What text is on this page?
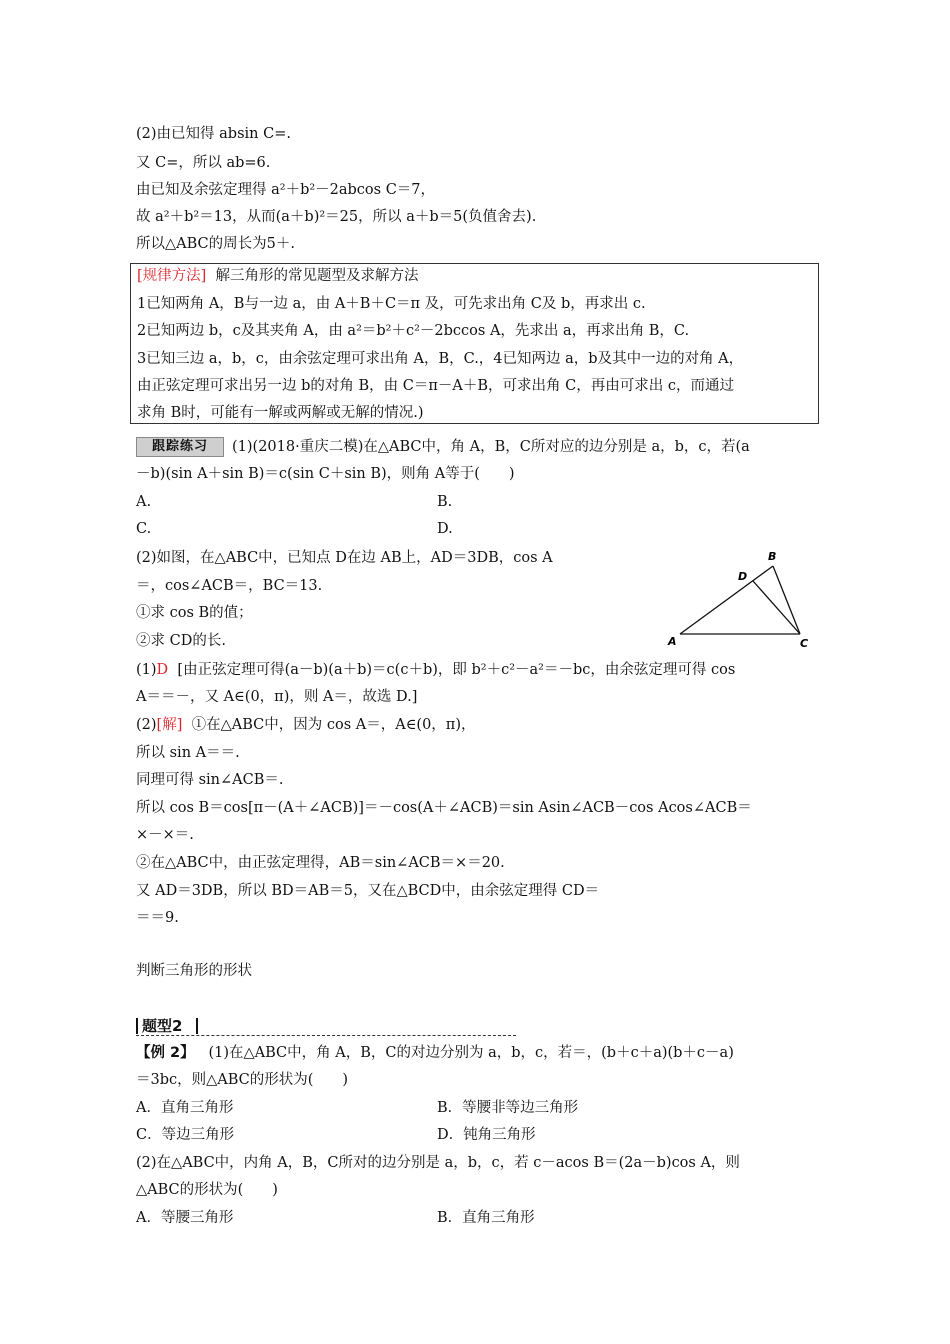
(2)由已知得 absin C=.
又 C=，所以 ab=6.
由已知及余弦定理得 a²＋b²－2abcos C＝7，
故 a²＋b²＝13，从而(a＋b)²＝25，所以 a＋b＝5(负值舍去).
所以△ABC的周长为5＋.
[规律方法] 解三角形的常见题型及求解方法
1已知两角 A，B与一边 a，由 A＋B＋C＝π 及，可先求出角 C及 b，再求出 c.
2已知两边 b，c及其夹角 A，由 a²＝b²＋c²－2bccos A，先求出 a，再求出角 B，C.
3已知三边 a，b，c，由余弦定理可求出角 A，B，C.，4已知两边 a，b及其中一边的对角 A，
由正弦定理可求出另一边 b的对角 B，由 C＝π－A＋B，可求出角 C，再由可求出 c，而通过
求角 B时，可能有一解或两解或无解的情况.)
跟踪练习	(1)(2018·重庆二模)在△ABC中，角 A，B，C所对应的边分别是 a，b，c，若(a
－b)(sin A＋sin B)＝c(sin C＋sin B)，则角 A等于(　　)
A.	B.
C.	D.
(2)如图，在△ABC中，已知点 D在边 AB上，AD＝3DB，cos A
＝，cos∠ACB＝，BC＝13.
①求 cos B的值；
②求 CD的长.	A
B
C
D
(1)D [由正弦定理可得(a－b)(a＋b)＝c(c＋b)，即 b²＋c²－a²＝－bc，由余弦定理可得 cos
A＝＝－，又 A∈(0，π)，则 A＝，故选 D.]
(2)[解] ①在△ABC中，因为 cos A＝，A∈(0，π)，
所以 sin A＝＝.
同理可得 sin∠ACB＝.
所以 cos B＝cos[π－(A＋∠ACB)]＝－cos(A＋∠ACB)＝sin Asin∠ACB－cos Acos∠ACB＝
×－×＝.
②在△ABC中，由正弦定理得，AB＝sin∠ACB＝×＝20.
又 AD＝3DB，所以 BD＝AB＝5，又在△BCD中，由余弦定理得 CD＝
＝＝9.
判断三角形的形状
题型2
【例 2】 (1)在△ABC中，角 A，B，C的对边分别为 a，b，c，若＝，(b＋c＋a)(b＋c－a)
＝3bc，则△ABC的形状为(　　)
A．直角三角形	B．等腰非等边三角形
C．等边三角形	D．钝角三角形
(2)在△ABC中，内角 A，B，C所对的边分别是 a，b，c，若 c－acos B＝(2a－b)cos A，则
△ABC的形状为(　　)
A．等腰三角形	B．直角三角形
